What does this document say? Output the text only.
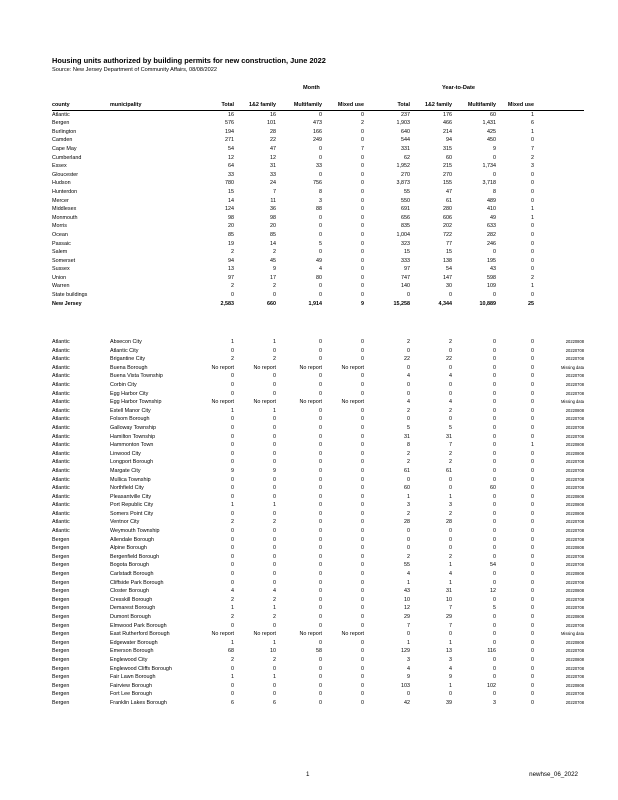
Housing units authorized by building permits for new construction, June 2022
Source: New Jersey Department of Community Affairs, 08/08/2022
Month	Year-to-Date
county	municipality	Total	1&2 family	Multifamily	Mixed use	Total	1&2 family	Multifamily	Mixed use	
Atlantic		16	16	0	0	237	176	60	1	
Bergen		576	101	473	2	1,903	466	1,431	6	
Burlington		194	28	166	0	640	214	425	1	
Camden		271	22	249	0	544	94	450	0	
Cape May		54	47	0	7	331	315	9	7	
Cumberland		12	12	0	0	62	60	0	2	
Essex		64	31	33	0	1,952	215	1,734	3	
Gloucester		33	33	0	0	270	270	0	0	
Hudson		780	24	756	0	3,873	155	3,718	0	
Hunterdon		15	7	8	0	55	47	8	0	
Mercer		14	11	3	0	550	61	489	0	
Middlesex		124	36	88	0	691	280	410	1	
Monmouth		98	98	0	0	656	606	49	1	
Morris		20	20	0	0	835	202	633	0	
Ocean		85	85	0	0	1,004	722	282	0	
Passaic		19	14	5	0	323	77	246	0	
Salem		2	2	0	0	15	15	0	0	
Somerset		94	45	49	0	333	138	195	0	
Sussex		13	9	4	0	97	54	43	0	
Union		97	17	80	0	747	147	598	2	
Warren		2	2	0	0	140	30	109	1	
State buildings		0	0	0	0	0	0	0	0	
New Jersey		2,583	660	1,914	9	15,258	4,344	10,889	25	
Atlantic	Absecon City	1	1	0	0	2	2	0	0	20220808
Atlantic	Atlantic City	0	0	0	0	0	0	0	0	20220708
Atlantic	Brigantine City	2	2	0	0	22	22	0	0	20220708
Atlantic	Buena Borough	No report	No report	No report	No report	0	0	0	0	Missing data
Atlantic	Buena Vista Township	0	0	0	0	4	4	0	0	20220708
Atlantic	Corbin City	0	0	0	0	0	0	0	0	20220708
Atlantic	Egg Harbor City	0	0	0	0	0	0	0	0	20220708
Atlantic	Egg Harbor Township	No report	No report	No report	No report	4	4	0	0	Missing data
Atlantic	Estell Manor City	1	1	0	0	2	2	0	0	20220808
Atlantic	Folsom Borough	0	0	0	0	0	0	0	0	20220708
Atlantic	Galloway Township	0	0	0	0	5	5	0	0	20220708
Atlantic	Hamilton Township	0	0	0	0	31	31	0	0	20220708
Atlantic	Hammonton Town	0	0	0	0	8	7	0	1	20220808
Atlantic	Linwood City	0	0	0	0	2	2	0	0	20220808
Atlantic	Longport Borough	0	0	0	0	2	2	0	0	20220708
Atlantic	Margate City	9	9	0	0	61	61	0	0	20220708
Atlantic	Mullica Township	0	0	0	0	0	0	0	0	20220708
Atlantic	Northfield City	0	0	0	0	60	0	60	0	20220708
Atlantic	Pleasantville City	0	0	0	0	1	1	0	0	20220808
Atlantic	Port Republic City	1	1	0	0	3	3	0	0	20220808
Atlantic	Somers Point City	0	0	0	0	2	2	0	0	20220808
Atlantic	Ventnor City	2	2	0	0	28	28	0	0	20220708
Atlantic	Weymouth Township	0	0	0	0	0	0	0	0	20220708
Bergen	Allendale Borough	0	0	0	0	0	0	0	0	20220708
Bergen	Alpine Borough	0	0	0	0	0	0	0	0	20220808
Bergen	Bergenfield Borough	0	0	0	0	2	2	0	0	20220708
Bergen	Bogota Borough	0	0	0	0	55	1	54	0	20220708
Bergen	Carlstadt Borough	0	0	0	0	4	4	0	0	20220808
Bergen	Cliffside Park Borough	0	0	0	0	1	1	0	0	20220708
Bergen	Closter Borough	4	4	0	0	43	31	12	0	20220808
Bergen	Cresskill Borough	2	2	0	0	10	10	0	0	20220708
Bergen	Demarest Borough	1	1	0	0	12	7	5	0	20220708
Bergen	Dumont Borough	2	2	0	0	29	29	0	0	20220808
Bergen	Elmwood Park Borough	0	0	0	0	7	7	0	0	20220708
Bergen	East Rutherford Borough	No report	No report	No report	No report	0	0	0	0	Missing data
Bergen	Edgewater Borough	1	1	0	0	1	1	0	0	20220808
Bergen	Emerson Borough	68	10	58	0	129	13	116	0	20220708
Bergen	Englewood City	2	2	0	0	3	3	0	0	20220808
Bergen	Englewood Cliffs Borough	0	0	0	0	4	4	0	0	20220708
Bergen	Fair Lawn Borough	1	1	0	0	9	9	0	0	20220708
Bergen	Fairview Borough	0	0	0	0	103	1	102	0	20220808
Bergen	Fort Lee Borough	0	0	0	0	0	0	0	0	20220708
Bergen	Franklin Lakes Borough	6	6	0	0	42	39	3	0	20220708
1	newhse_06_2022
